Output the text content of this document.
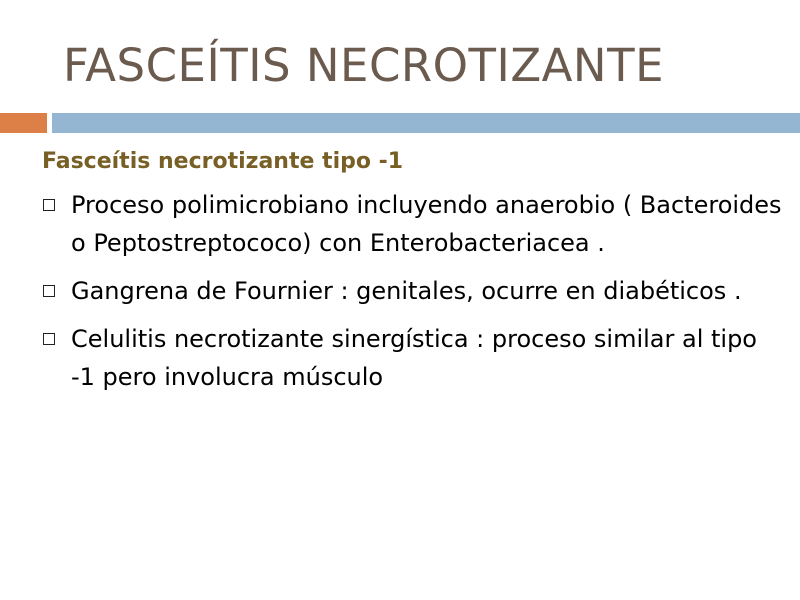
FASCEÍTIS NECROTIZANTE
Fasceítis necrotizante tipo -1
Proceso polimicrobiano incluyendo anaerobio ( Bacteroides o Peptostreptococo) con Enterobacteriacea .
Gangrena de Fournier : genitales, ocurre en diabéticos .
Celulitis necrotizante sinergística : proceso similar al tipo -1 pero involucra músculo
